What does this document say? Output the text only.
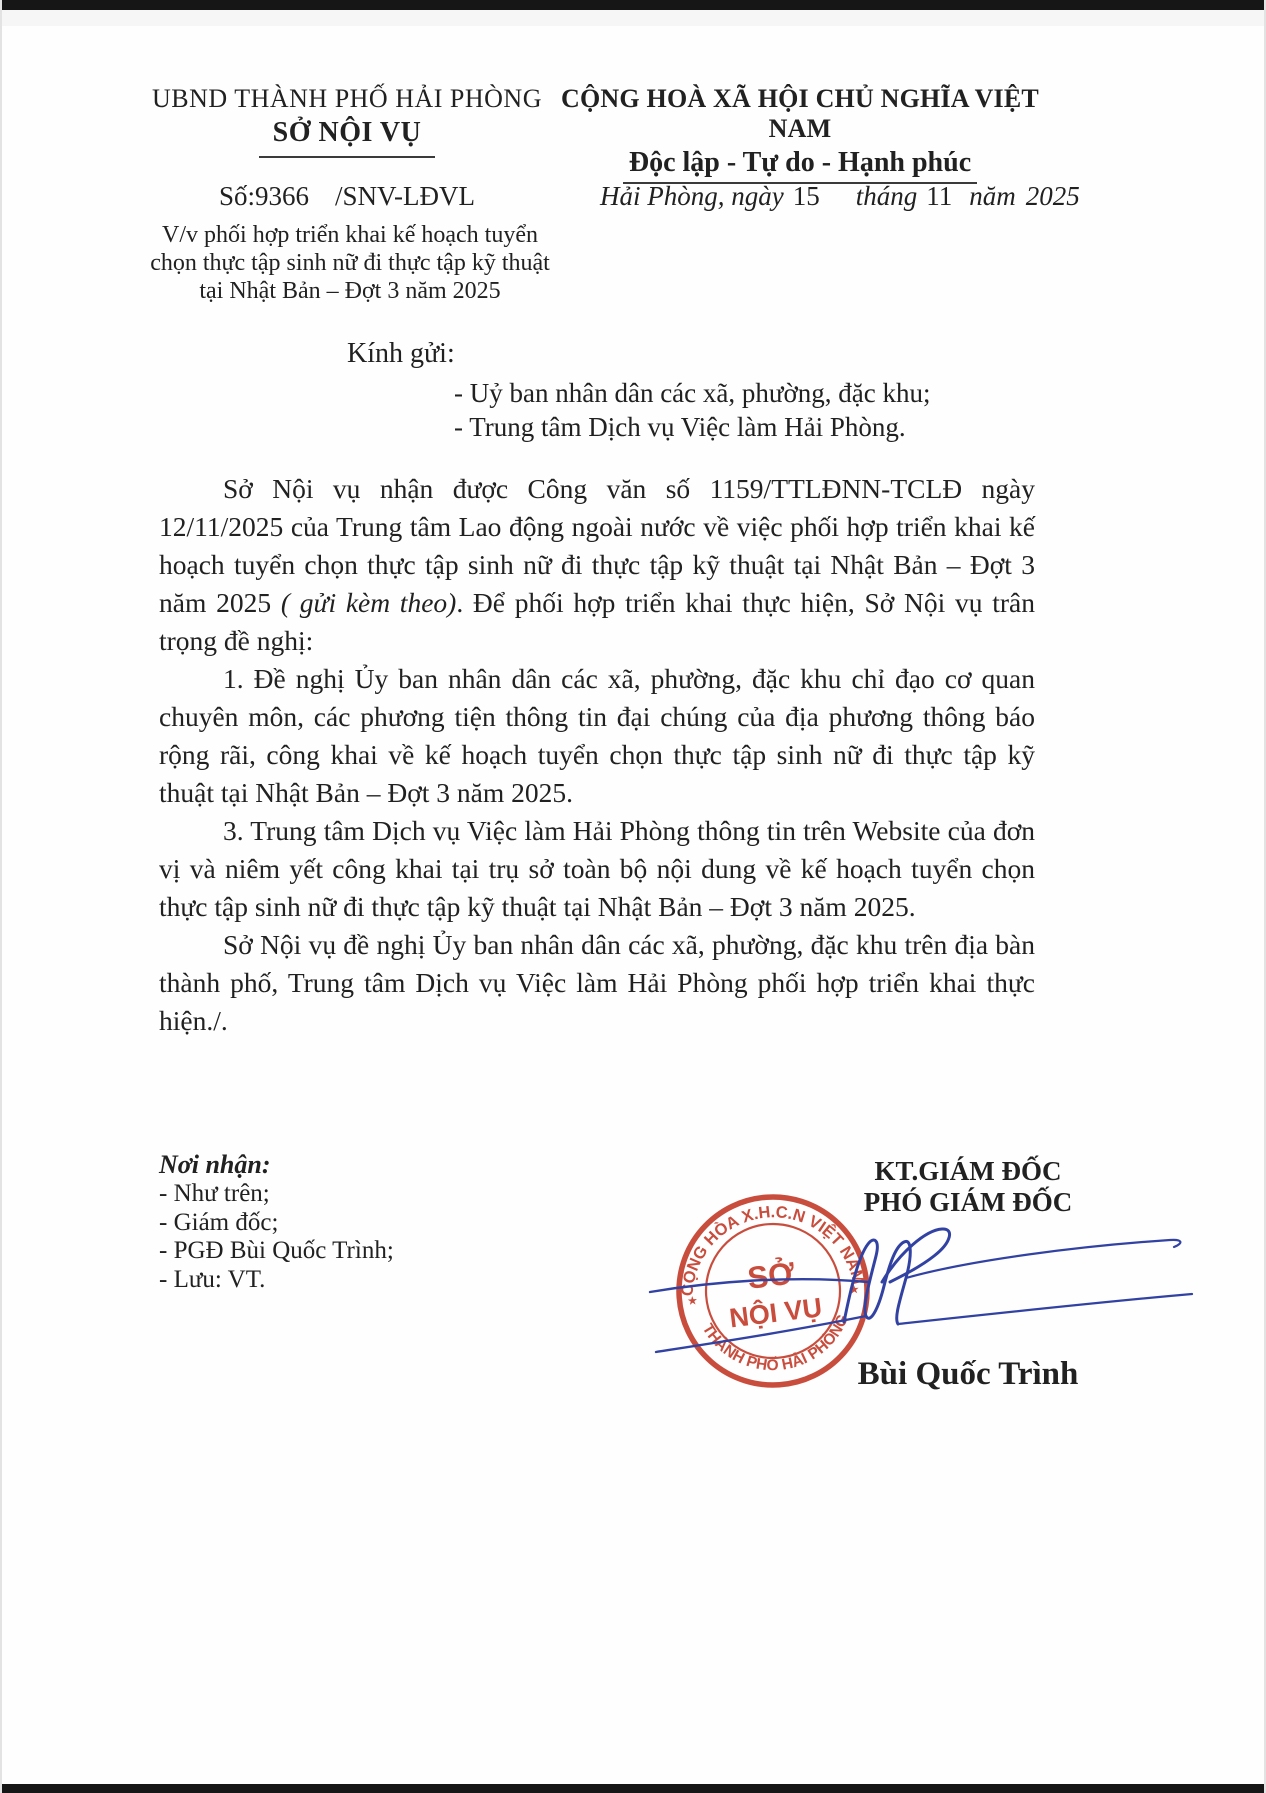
UBND THÀNH PHỐ HẢI PHÒNG
SỞ NỘI VỤ
CỘNG HOÀ XÃ HỘI CHỦ NGHĨA VIỆT NAM
Độc lập - Tự do - Hạnh phúc
Số:9366 /SNV-LĐVL	Hải Phòng, ngày 15 tháng 11 năm 2025
V/v phối hợp triển khai kế hoạch tuyển
chọn thực tập sinh nữ đi thực tập kỹ thuật
tại Nhật Bản – Đợt 3 năm 2025
Kính gửi:
- Uỷ ban nhân dân các xã, phường, đặc khu;
- Trung tâm Dịch vụ Việc làm Hải Phòng.

Sở Nội vụ nhận được Công văn số 1159/TTLĐNN-TCLĐ ngày 12/11/2025 của Trung tâm Lao động ngoài nước về việc phối hợp triển khai kế hoạch tuyển chọn thực tập sinh nữ đi thực tập kỹ thuật tại Nhật Bản – Đợt 3 năm 2025 ( gửi kèm theo). Để phối hợp triển khai thực hiện, Sở Nội vụ trân trọng đề nghị:

1. Đề nghị Ủy ban nhân dân các xã, phường, đặc khu chỉ đạo cơ quan chuyên môn, các phương tiện thông tin đại chúng của địa phương thông báo rộng rãi, công khai về kế hoạch tuyển chọn thực tập sinh nữ đi thực tập kỹ thuật tại Nhật Bản – Đợt 3 năm 2025.

3. Trung tâm Dịch vụ Việc làm Hải Phòng thông tin trên Website của đơn vị và niêm yết công khai tại trụ sở toàn bộ nội dung về kế hoạch tuyển chọn thực tập sinh nữ đi thực tập kỹ thuật tại Nhật Bản – Đợt 3 năm 2025.

Sở Nội vụ đề nghị Ủy ban nhân dân các xã, phường, đặc khu trên địa bàn thành phố, Trung tâm Dịch vụ Việc làm Hải Phòng phối hợp triển khai thực hiện./.

Nơi nhận:
- Như trên;
- Giám đốc;
- PGĐ Bùi Quốc Trình;
- Lưu: VT.
KT.GIÁM ĐỐC
PHÓ GIÁM ĐỐC
CỘNG HÒA X.H.C.N VIỆT NAM
THÀNH PHỐ HẢI PHÒNG
★
★
SỞ
NỘI VỤ
Bùi Quốc Trình
